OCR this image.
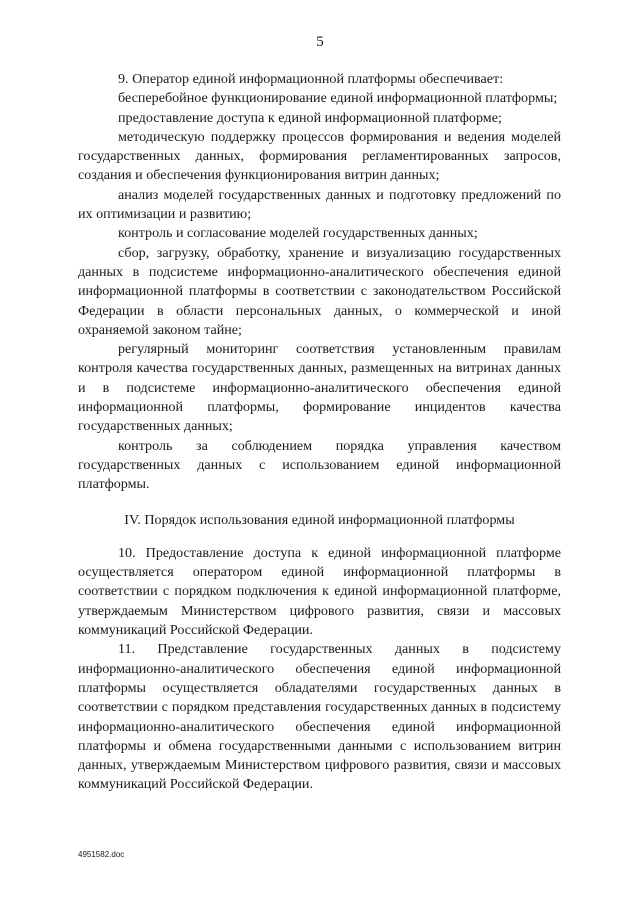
5

9. Оператор единой информационной платформы обеспечивает:

бесперебойное функционирование единой информационной платформы;

предоставление доступа к единой информационной платформе;

методическую поддержку процессов формирования и ведения моделей государственных данных, формирования регламентированных запросов, создания и обеспечения функционирования витрин данных;

анализ моделей государственных данных и подготовку предложений по их оптимизации и развитию;

контроль и согласование моделей государственных данных;

сбор, загрузку, обработку, хранение и визуализацию государственных данных в подсистеме информационно-аналитического обеспечения единой информационной платформы в соответствии с законодательством Российской Федерации в области персональных данных, о коммерческой и иной охраняемой законом тайне;

регулярный мониторинг соответствия установленным правилам контроля качества государственных данных, размещенных на витринах данных и в подсистеме информационно-аналитического обеспечения единой информационной платформы, формирование инцидентов качества государственных данных;

контроль за соблюдением порядка управления качеством государственных данных с использованием единой информационной платформы.

IV. Порядок использования единой информационной платформы

10. Предоставление доступа к единой информационной платформе осуществляется оператором единой информационной платформы в соответствии с порядком подключения к единой информационной платформе, утверждаемым Министерством цифрового развития, связи и массовых коммуникаций Российской Федерации.

11. Представление государственных данных в подсистему информационно-аналитического обеспечения единой информационной платформы осуществляется обладателями государственных данных в соответствии с порядком представления государственных данных в подсистему информационно-аналитического обеспечения единой информационной платформы и обмена государственными данными с использованием витрин данных, утверждаемым Министерством цифрового развития, связи и массовых коммуникаций Российской Федерации.

4951582.doc
